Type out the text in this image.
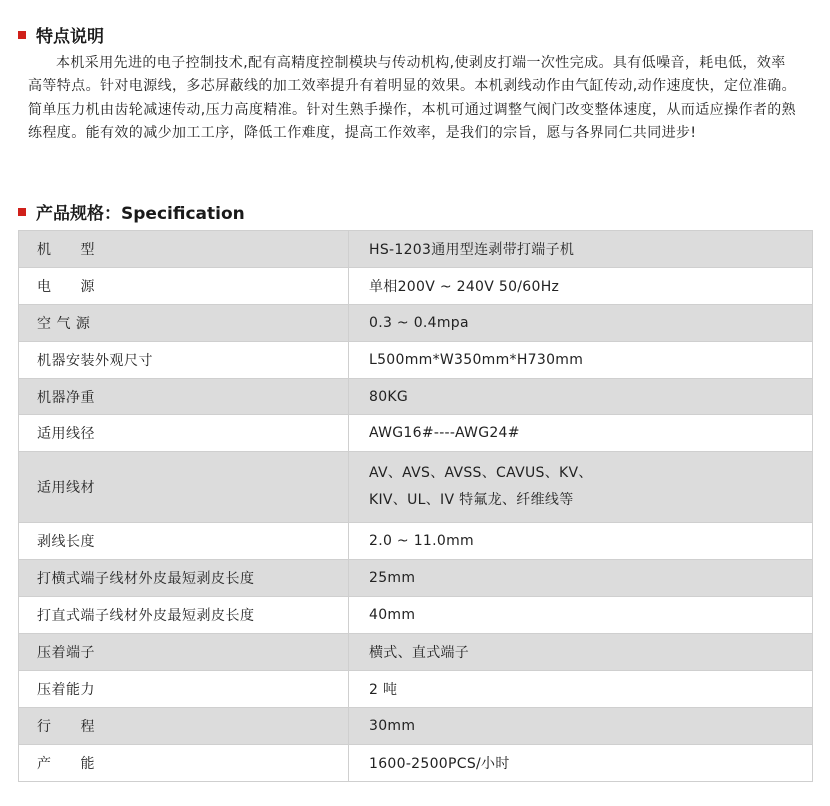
特点说明

本机采用先进的电子控制技术,配有高精度控制模块与传动机构,使剥皮打端一次性完成。具有低噪音，耗电低，效率高等特点。针对电源线，多芯屏蔽线的加工效率提升有着明显的效果。本机剥线动作由气缸传动,动作速度快，定位准确。简单压力机由齿轮减速传动,压力高度精准。针对生熟手操作，本机可通过调整气阀门改变整体速度，从而适应操作者的熟练程度。能有效的减少加工工序，降低工作难度，提高工作效率，是我们的宗旨，愿与各界同仁共同进步!

产品规格：Specification
机　　型	HS-1203通用型连剥带打端子机
电　　源	单相200V ~ 240V 50/60Hz
空 气 源	0.3 ~ 0.4mpa
机器安装外观尺寸	L500mm*W350mm*H730mm
机器净重	80KG
适用线径	AWG16#----AWG24#
适用线材	AV、AVS、AVSS、CAVUS、KV、
KIV、UL、IV 特氟龙、纤维线等

剥线长度	2.0 ~ 11.0mm
打横式端子线材外皮最短剥皮长度	25mm
打直式端子线材外皮最短剥皮长度	40mm
压着端子	横式、直式端子
压着能力	2 吨
行　　程	30mm
产　　能	1600-2500PCS/小时
